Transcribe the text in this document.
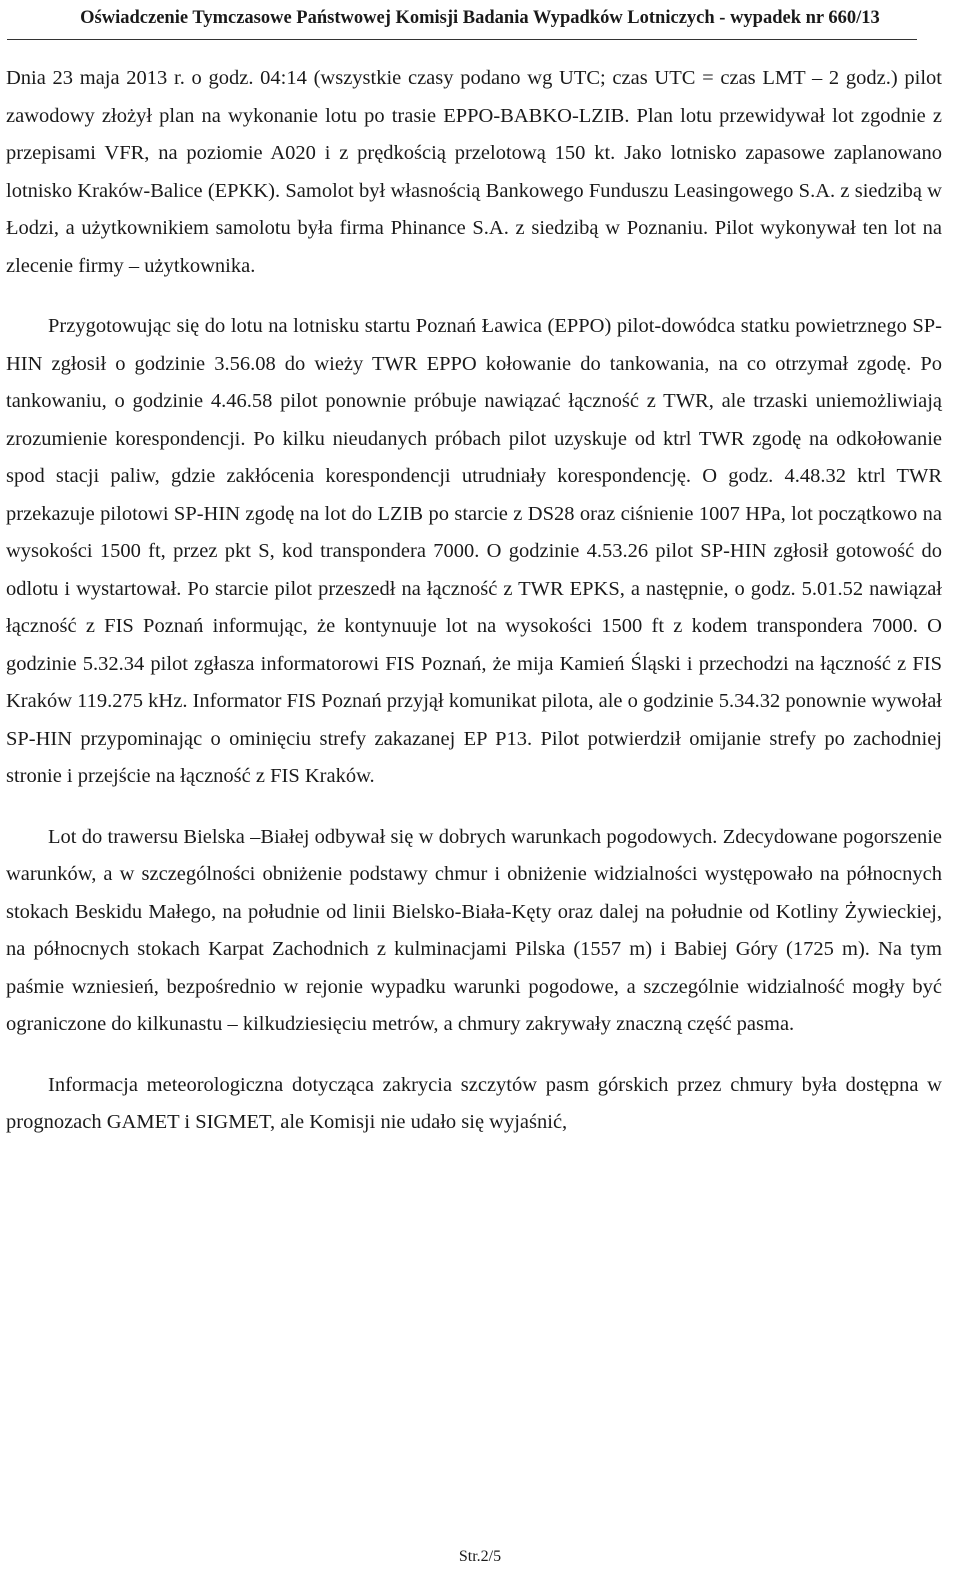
Oświadczenie Tymczasowe Państwowej Komisji Badania Wypadków Lotniczych - wypadek nr 660/13

Dnia 23 maja 2013 r. o godz. 04:14 (wszystkie czasy podano wg UTC; czas UTC = czas LMT – 2 godz.) pilot zawodowy złożył plan na wykonanie lotu po trasie EPPO-BABKO-LZIB. Plan lotu przewidywał lot zgodnie z przepisami VFR, na poziomie A020 i z prędkością przelotową 150 kt. Jako lotnisko zapasowe zaplanowano lotnisko Kraków-Balice (EPKK). Samolot był własnością Bankowego Funduszu Leasingowego S.A. z siedzibą w Łodzi, a użytkownikiem samolotu była firma Phinance S.A. z siedzibą w Poznaniu. Pilot wykonywał ten lot na zlecenie firmy – użytkownika.

Przygotowując się do lotu na lotnisku startu Poznań Ławica (EPPO) pilot-dowódca statku powietrznego SP-HIN zgłosił o godzinie 3.56.08 do wieży TWR EPPO kołowanie do tankowania, na co otrzymał zgodę. Po tankowaniu, o godzinie 4.46.58 pilot ponownie próbuje nawiązać łączność z TWR, ale trzaski uniemożliwiają zrozumienie korespondencji. Po kilku nieudanych próbach pilot uzyskuje od ktrl TWR zgodę na odkołowanie spod stacji paliw, gdzie zakłócenia korespondencji utrudniały korespondencję. O godz. 4.48.32 ktrl TWR przekazuje pilotowi SP-HIN zgodę na lot do LZIB po starcie z DS28 oraz ciśnienie 1007 HPa, lot początkowo na wysokości 1500 ft, przez pkt S, kod transpondera 7000. O godzinie 4.53.26 pilot SP-HIN zgłosił gotowość do odlotu i wystartował. Po starcie pilot przeszedł na łączność z TWR EPKS, a następnie, o godz. 5.01.52 nawiązał łączność z FIS Poznań informując, że kontynuuje lot na wysokości 1500 ft z kodem transpondera 7000. O godzinie 5.32.34 pilot zgłasza informatorowi FIS Poznań, że mija Kamień Śląski i przechodzi na łączność z FIS Kraków 119.275 kHz. Informator FIS Poznań przyjął komunikat pilota, ale o godzinie 5.34.32 ponownie wywołał SP-HIN przypominając o ominięciu strefy zakazanej EP P13. Pilot potwierdził omijanie strefy po zachodniej stronie i przejście na łączność z FIS Kraków.

Lot do trawersu Bielska –Białej odbywał się w dobrych warunkach pogodowych. Zdecydowane pogorszenie warunków, a w szczególności obniżenie podstawy chmur i obniżenie widzialności występowało na północnych stokach Beskidu Małego, na południe od linii Bielsko-Biała-Kęty oraz dalej na południe od Kotliny Żywieckiej, na północnych stokach Karpat Zachodnich z kulminacjami Pilska (1557 m) i Babiej Góry (1725 m). Na tym paśmie wzniesień, bezpośrednio w rejonie wypadku warunki pogodowe, a szczególnie widzialność mogły być ograniczone do kilkunastu – kilkudziesięciu metrów, a chmury zakrywały znaczną część pasma.

Informacja meteorologiczna dotycząca zakrycia szczytów pasm górskich przez chmury była dostępna w prognozach GAMET i SIGMET, ale Komisji nie udało się wyjaśnić,

Str.2/5
